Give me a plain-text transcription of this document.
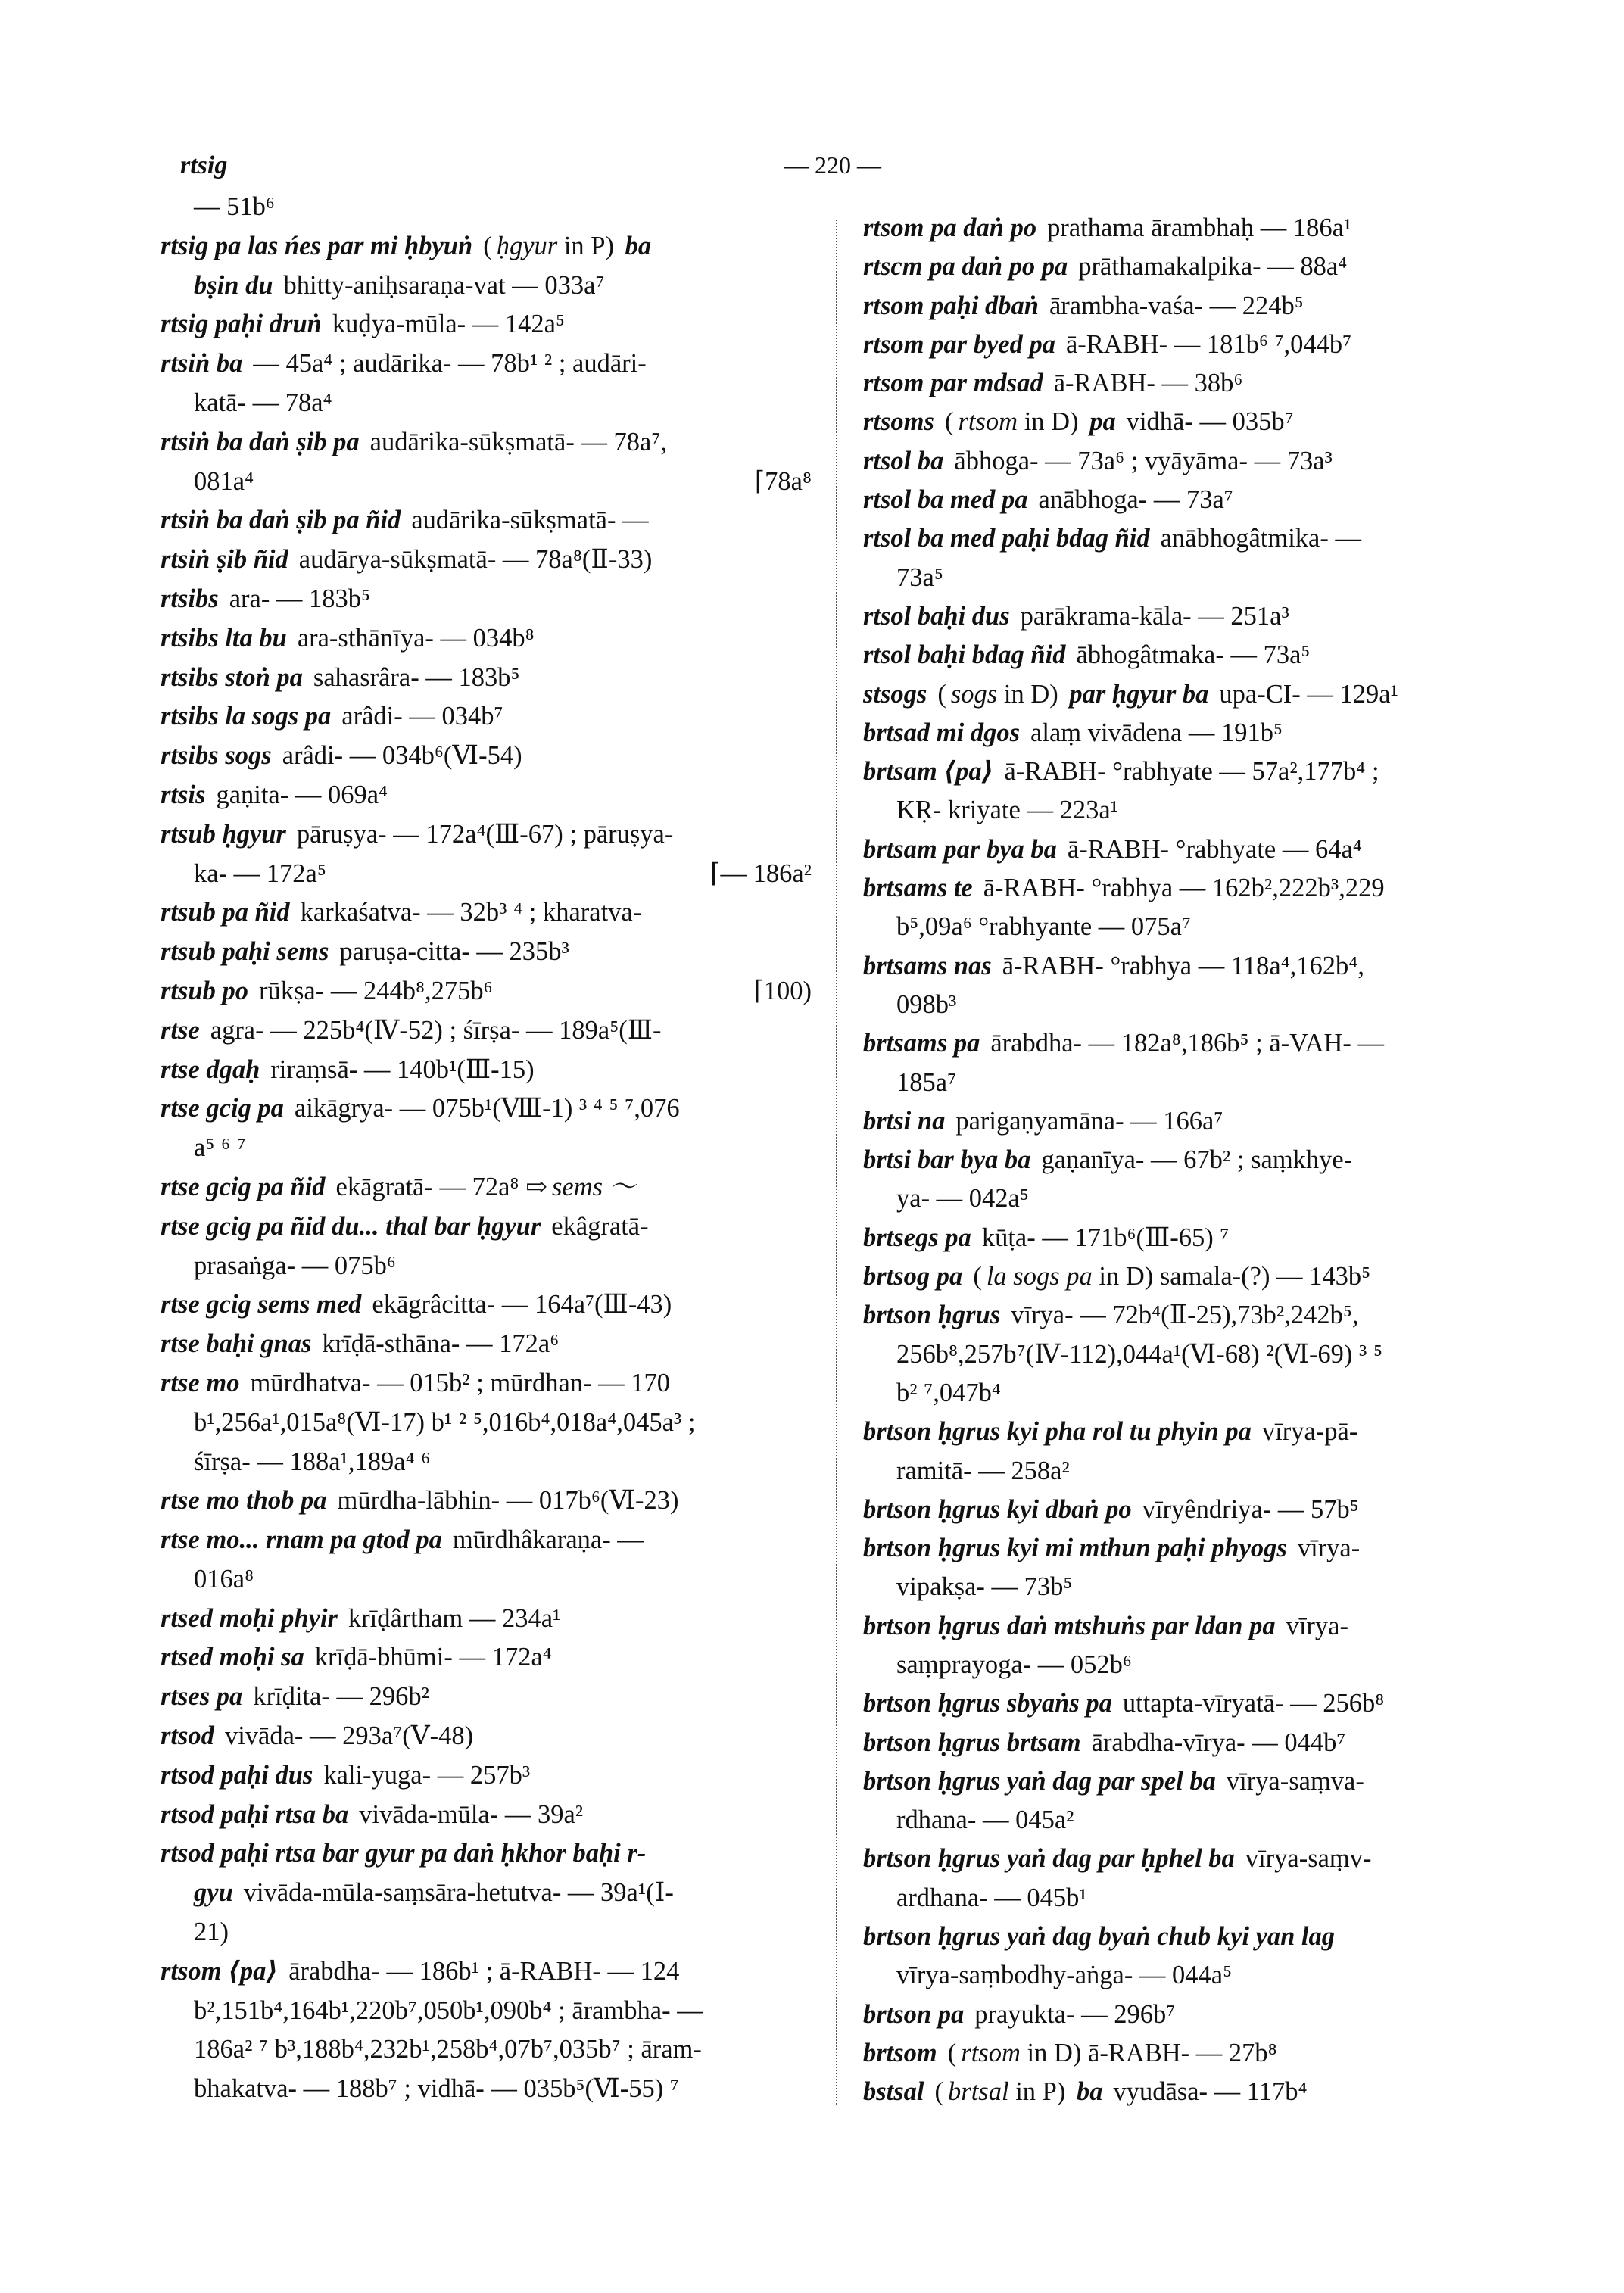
rtsig	— 220 —
— 51b⁶
rtsig pa las ńes par mi ḥbyuṅ ( ḥgyur in P) ba
bṣin du bhitty-aniḥsaraṇa-vat — 033a⁷
rtsig paḥi druṅ kuḍya-mūla- — 142a⁵
rtsiṅ ba — 45a⁴ ; audārika- — 78b¹ ² ; audāri-
katā- — 78a⁴
rtsiṅ ba daṅ ṣib pa audārika-sūkṣmatā- — 78a⁷,
081a⁴	⌈78a⁸
rtsiṅ ba daṅ ṣib pa ñid audārika-sūkṣmatā- —
rtsiṅ ṣib ñid audārya-sūkṣmatā- — 78a⁸(Ⅱ-33)
rtsibs ara- — 183b⁵
rtsibs lta bu ara-sthānīya- — 034b⁸
rtsibs stoṅ pa sahasrâra- — 183b⁵
rtsibs la sogs pa arâdi- — 034b⁷
rtsibs sogs arâdi- — 034b⁶(Ⅵ-54)
rtsis gaṇita- — 069a⁴
rtsub ḥgyur pāruṣya- — 172a⁴(Ⅲ-67) ; pāruṣya-
ka- — 172a⁵	⌈— 186a²
rtsub pa ñid karkaśatva- — 32b³ ⁴ ; kharatva-
rtsub paḥi sems paruṣa-citta- — 235b³
rtsub po rūkṣa- — 244b⁸,275b⁶	⌈100)
rtse agra- — 225b⁴(Ⅳ-52) ; śīrṣa- — 189a⁵(Ⅲ-
rtse dgaḥ riraṃsā- — 140b¹(Ⅲ-15)
rtse gcig pa aikāgrya- — 075b¹(Ⅷ-1) ³ ⁴ ⁵ ⁷,076
a⁵ ⁶ ⁷
rtse gcig pa ñid ekāgratā- — 72a⁸ ⇨ sems ～
rtse gcig pa ñid du... thal bar ḥgyur ekâgratā-
prasaṅga- — 075b⁶
rtse gcig sems med ekāgrâcitta- — 164a⁷(Ⅲ-43)
rtse baḥi gnas krīḍā-sthāna- — 172a⁶
rtse mo mūrdhatva- — 015b² ; mūrdhan- — 170
b¹,256a¹,015a⁸(Ⅵ-17) b¹ ² ⁵,016b⁴,018a⁴,045a³ ;
śīrṣa- — 188a¹,189a⁴ ⁶
rtse mo thob pa mūrdha-lābhin- — 017b⁶(Ⅵ-23)
rtse mo... rnam pa gtod pa mūrdhâkaraṇa- —
016a⁸
rtsed moḥi phyir krīḍârtham — 234a¹
rtsed moḥi sa krīḍā-bhūmi- — 172a⁴
rtses pa krīḍita- — 296b²
rtsod vivāda- — 293a⁷(Ⅴ-48)
rtsod paḥi dus kali-yuga- — 257b³
rtsod paḥi rtsa ba vivāda-mūla- — 39a²
rtsod paḥi rtsa bar gyur pa daṅ ḥkhor baḥi r-
gyu vivāda-mūla-saṃsāra-hetutva- — 39a¹(Ⅰ-
21)
rtsom ⟨pa⟩ ārabdha- — 186b¹ ; ā-RABH- — 124
b²,151b⁴,164b¹,220b⁷,050b¹,090b⁴ ; ārambha- —
186a² ⁷ b³,188b⁴,232b¹,258b⁴,07b⁷,035b⁷ ; āram-
bhakatva- — 188b⁷ ; vidhā- — 035b⁵(Ⅵ-55) ⁷
rtsom pa daṅ po prathama ārambhaḥ — 186a¹
rtscm pa daṅ po pa prāthamakalpika- — 88a⁴
rtsom paḥi dbaṅ ārambha-vaśa- — 224b⁵
rtsom par byed pa ā-RABH- — 181b⁶ ⁷,044b⁷
rtsom par mdsad ā-RABH- — 38b⁶
rtsoms ( rtsom in D) pa vidhā- — 035b⁷
rtsol ba ābhoga- — 73a⁶ ; vyāyāma- — 73a³
rtsol ba med pa anābhoga- — 73a⁷
rtsol ba med paḥi bdag ñid anābhogâtmika- —
73a⁵
rtsol baḥi dus parākrama-kāla- — 251a³
rtsol baḥi bdag ñid ābhogâtmaka- — 73a⁵
stsogs ( sogs in D) par ḥgyur ba upa-CI- — 129a¹
brtsad mi dgos alaṃ vivādena — 191b⁵
brtsam ⟨pa⟩ ā-RABH- °rabhyate — 57a²,177b⁴ ;
KṚ- kriyate — 223a¹
brtsam par bya ba ā-RABH- °rabhyate — 64a⁴
brtsams te ā-RABH- °rabhya — 162b²,222b³,229
b⁵,09a⁶ °rabhyante — 075a⁷
brtsams nas ā-RABH- °rabhya — 118a⁴,162b⁴,
098b³
brtsams pa ārabdha- — 182a⁸,186b⁵ ; ā-VAH- —
185a⁷
brtsi na parigaṇyamāna- — 166a⁷
brtsi bar bya ba gaṇanīya- — 67b² ; saṃkhye-
ya- — 042a⁵
brtsegs pa kūṭa- — 171b⁶(Ⅲ-65) ⁷
brtsog pa ( la sogs pa in D) samala-(?) — 143b⁵
brtson ḥgrus vīrya- — 72b⁴(Ⅱ-25),73b²,242b⁵,
256b⁸,257b⁷(Ⅳ-112),044a¹(Ⅵ-68) ²(Ⅵ-69) ³ ⁵
b² ⁷,047b⁴
brtson ḥgrus kyi pha rol tu phyin pa vīrya-pā-
ramitā- — 258a²
brtson ḥgrus kyi dbaṅ po vīryêndriya- — 57b⁵
brtson ḥgrus kyi mi mthun paḥi phyogs vīrya-
vipakṣa- — 73b⁵
brtson ḥgrus daṅ mtshuṅs par ldan pa vīrya-
saṃprayoga- — 052b⁶
brtson ḥgrus sbyaṅs pa uttapta-vīryatā- — 256b⁸
brtson ḥgrus brtsam ārabdha-vīrya- — 044b⁷
brtson ḥgrus yaṅ dag par spel ba vīrya-saṃva-
rdhana- — 045a²
brtson ḥgrus yaṅ dag par ḥphel ba vīrya-saṃv-
ardhana- — 045b¹
brtson ḥgrus yaṅ dag byaṅ chub kyi yan lag
vīrya-saṃbodhy-aṅga- — 044a⁵
brtson pa prayukta- — 296b⁷
brtsom ( rtsom in D) ā-RABH- — 27b⁸
bstsal ( brtsal in P) ba vyudāsa- — 117b⁴
